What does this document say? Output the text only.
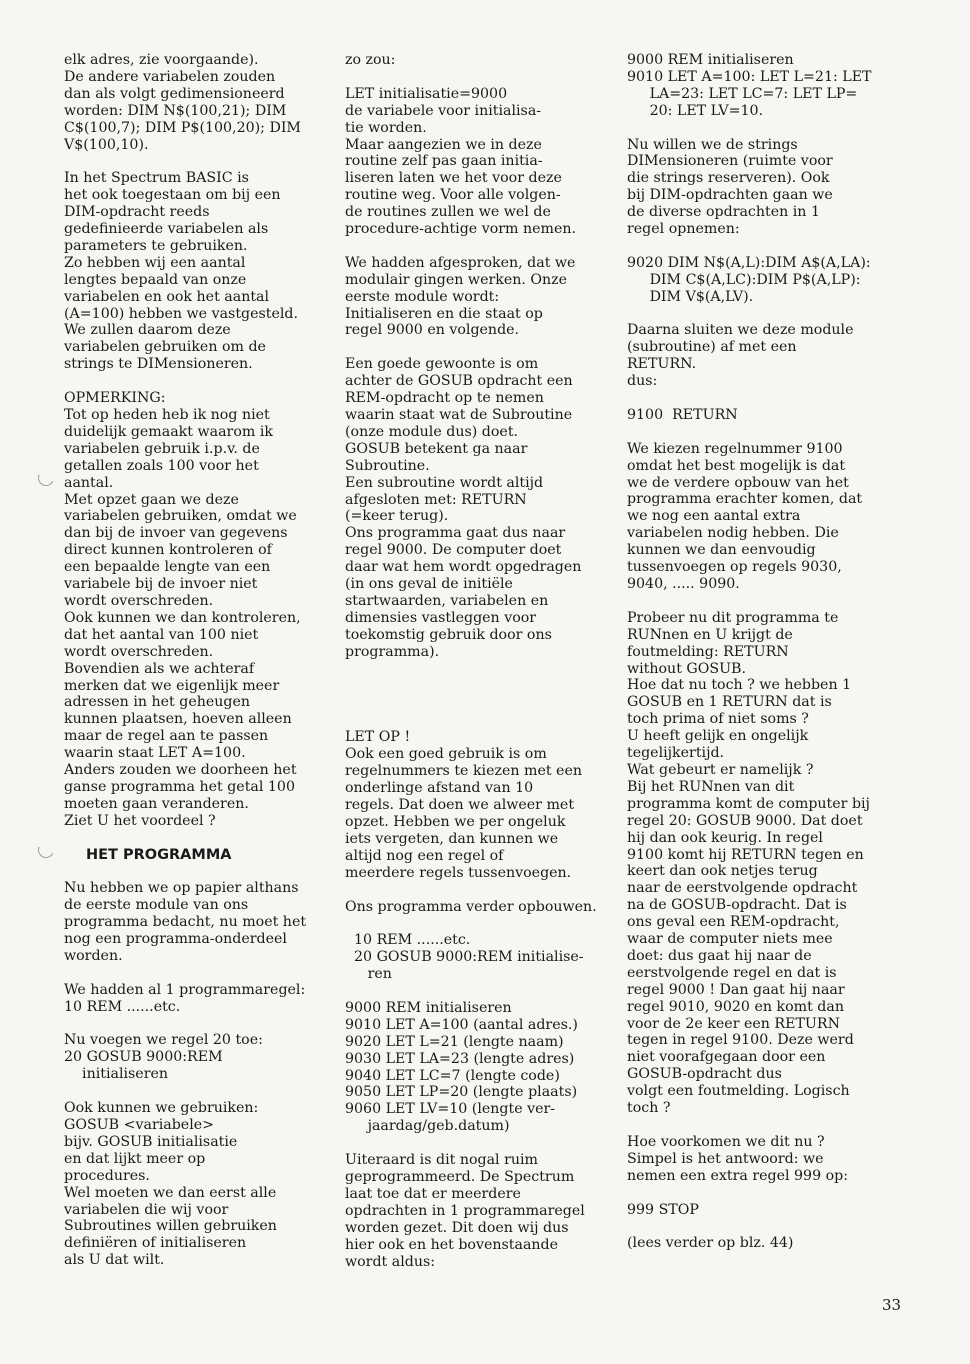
elk adres, zie voorgaande).
De andere variabelen zouden
dan als volgt gedimensioneerd
worden: DIM N$(100,21); DIM
C$(100,7); DIM P$(100,20); DIM
V$(100,10).
In het Spectrum BASIC is
het ook toegestaan om bij een
DIM-opdracht reeds
gedefinieerde variabelen als
parameters te gebruiken.
Zo hebben wij een aantal
lengtes bepaald van onze
variabelen en ook het aantal
(A=100) hebben we vastgesteld.
We zullen daarom deze
variabelen gebruiken om de
strings te DIMensioneren.
OPMERKING:
Tot op heden heb ik nog niet
duidelijk gemaakt waarom ik
variabelen gebruik i.p.v. de
getallen zoals 100 voor het
aantal.
Met opzet gaan we deze
variabelen gebruiken, omdat we
dan bij de invoer van gegevens
direct kunnen kontroleren of
een bepaalde lengte van een
variabele bij de invoer niet
wordt overschreden.
Ook kunnen we dan kontroleren,
dat het aantal van 100 niet
wordt overschreden.
Bovendien als we achteraf
merken dat we eigenlijk meer
adressen in het geheugen
kunnen plaatsen, hoeven alleen
maar de regel aan te passen
waarin staat LET A=100.
Anders zouden we doorheen het
ganse programma het getal 100
moeten gaan veranderen.
Ziet U het voordeel ?
HET PROGRAMMA
Nu hebben we op papier althans
de eerste module van ons
programma bedacht, nu moet het
nog een programma-onderdeel
worden.
We hadden al 1 programmaregel:
10 REM ......etc.
Nu voegen we regel 20 toe:
20 GOSUB 9000:REM
initialiseren
Ook kunnen we gebruiken:
GOSUB <variabele>
bijv. GOSUB initialisatie
en dat lijkt meer op
procedures.
Wel moeten we dan eerst alle
variabelen die wij voor
Subroutines willen gebruiken
definiëren of initialiseren
als U dat wilt.
zo zou:
LET initialisatie=9000
de variabele voor initialisa-
tie worden.
Maar aangezien we in deze
routine zelf pas gaan initia-
liseren laten we het voor deze
routine weg. Voor alle volgen-
de routines zullen we wel de
procedure-achtige vorm nemen.
We hadden afgesproken, dat we
modulair gingen werken. Onze
eerste module wordt:
Initialiseren en die staat op
regel 9000 en volgende.
Een goede gewoonte is om
achter de GOSUB opdracht een
REM-opdracht op te nemen
waarin staat wat de Subroutine
(onze module dus) doet.
GOSUB betekent ga naar
Subroutine.
Een subroutine wordt altijd
afgesloten met: RETURN
(=keer terug).
Ons programma gaat dus naar
regel 9000. De computer doet
daar wat hem wordt opgedragen
(in ons geval de initiële
startwaarden, variabelen en
dimensies vastleggen voor
toekomstig gebruik door ons
programma).
LET OP !
Ook een goed gebruik is om
regelnummers te kiezen met een
onderlinge afstand van 10
regels. Dat doen we alweer met
opzet. Hebben we per ongeluk
iets vergeten, dan kunnen we
altijd nog een regel of
meerdere regels tussenvoegen.
Ons programma verder opbouwen.
10 REM ......etc.
20 GOSUB 9000:REM initialise-
ren
9000 REM initialiseren
9010 LET A=100 (aantal adres.)
9020 LET L=21 (lengte naam)
9030 LET LA=23 (lengte adres)
9040 LET LC=7 (lengte code)
9050 LET LP=20 (lengte plaats)
9060 LET LV=10 (lengte ver-
jaardag/geb.datum)
Uiteraard is dit nogal ruim
geprogrammeerd. De Spectrum
laat toe dat er meerdere
opdrachten in 1 programmaregel
worden gezet. Dit doen wij dus
hier ook en het bovenstaande
wordt aldus:
9000 REM initialiseren
9010 LET A=100: LET L=21: LET
LA=23: LET LC=7: LET LP=
20: LET LV=10.
Nu willen we de strings
DIMensioneren (ruimte voor
die strings reserveren). Ook
bij DIM-opdrachten gaan we
de diverse opdrachten in 1
regel opnemen:
9020 DIM N$(A,L):DIM A$(A,LA):
DIM C$(A,LC):DIM P$(A,LP):
DIM V$(A,LV).
Daarna sluiten we deze module
(subroutine) af met een
RETURN.
dus:
9100  RETURN
We kiezen regelnummer 9100
omdat het best mogelijk is dat
we de verdere opbouw van het
programma erachter komen, dat
we nog een aantal extra
variabelen nodig hebben. Die
kunnen we dan eenvoudig
tussenvoegen op regels 9030,
9040, ..... 9090.
Probeer nu dit programma te
RUNnen en U krijgt de
foutmelding: RETURN
without GOSUB.
Hoe dat nu toch ? we hebben 1
GOSUB en 1 RETURN dat is
toch prima of niet soms ?
U heeft gelijk en ongelijk
tegelijkertijd.
Wat gebeurt er namelijk ?
Bij het RUNnen van dit
programma komt de computer bij
regel 20: GOSUB 9000. Dat doet
hij dan ook keurig. In regel
9100 komt hij RETURN tegen en
keert dan ook netjes terug
naar de eerstvolgende opdracht
na de GOSUB-opdracht. Dat is
ons geval een REM-opdracht,
waar de computer niets mee
doet: dus gaat hij naar de
eerstvolgende regel en dat is
regel 9000 ! Dan gaat hij naar
regel 9010, 9020 en komt dan
voor de 2e keer een RETURN
tegen in regel 9100. Deze werd
niet voorafgegaan door een
GOSUB-opdracht dus
volgt een foutmelding. Logisch
toch ?
Hoe voorkomen we dit nu ?
Simpel is het antwoord: we
nemen een extra regel 999 op:
999 STOP
(lees verder op blz. 44)
33
